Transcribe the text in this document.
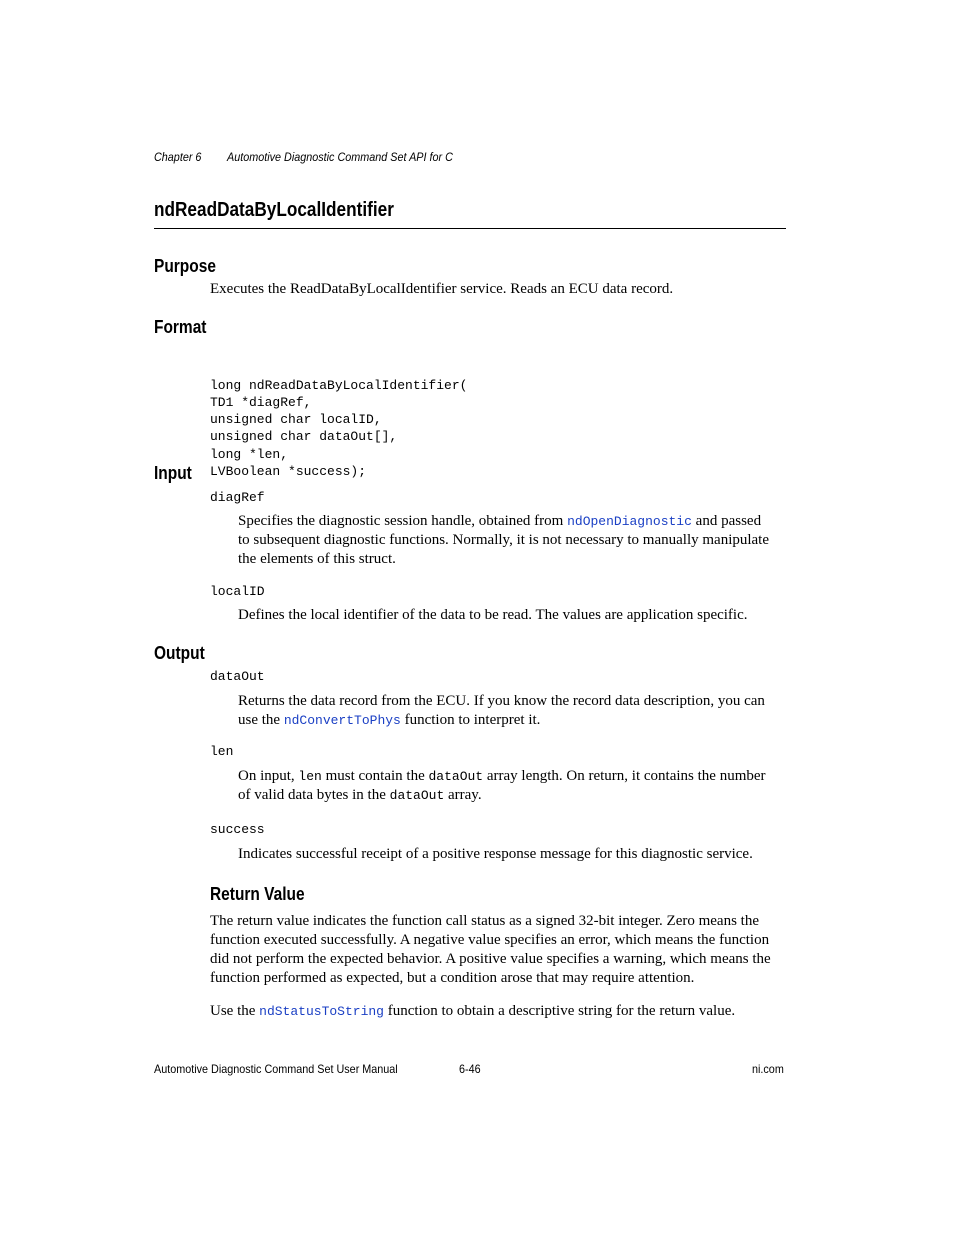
Chapter 6 Automotive Diagnostic Command Set API for C
ndReadDataByLocalIdentifier
Purpose
Executes the ReadDataByLocalIdentifier service. Reads an ECU data record.
Format

long ndReadDataByLocalIdentifier(
TD1 *diagRef,
unsigned char localID,
unsigned char dataOut[],
long *len,
LVBoolean *success);

Input
diagRef
Specifies the diagnostic session handle, obtained from ndOpenDiagnostic and passed
to subsequent diagnostic functions. Normally, it is not necessary to manually manipulate
the elements of this struct.
localID
Defines the local identifier of the data to be read. The values are application specific.
Output
dataOut
Returns the data record from the ECU. If you know the record data description, you can
use the ndConvertToPhys function to interpret it.
len
On input, len must contain the dataOut array length. On return, it contains the number
of valid data bytes in the dataOut array.
success
Indicates successful receipt of a positive response message for this diagnostic service.
Return Value
The return value indicates the function call status as a signed 32-bit integer. Zero means the
function executed successfully. A negative value specifies an error, which means the function
did not perform the expected behavior. A positive value specifies a warning, which means the
function performed as expected, but a condition arose that may require attention.
Use the ndStatusToString function to obtain a descriptive string for the return value.
Automotive Diagnostic Command Set User Manual	6-46	ni.com
